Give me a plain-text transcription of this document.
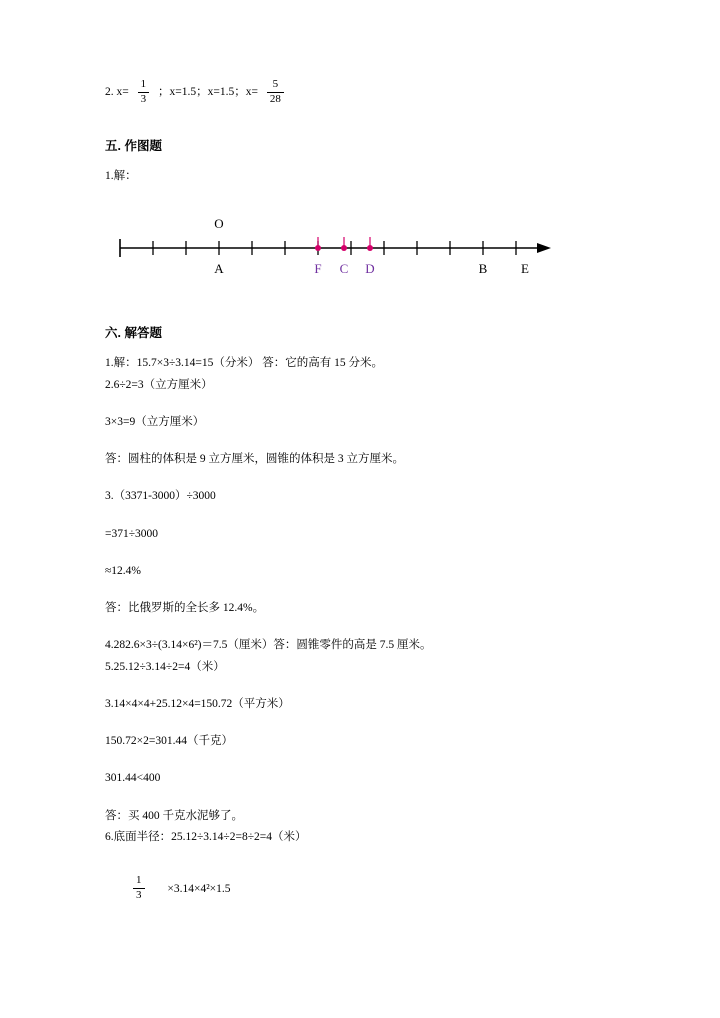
2. $x= \frac{1}{3}$ ；x=1.5；x=1.5；$x= \frac{5}{28}$
五. 作图题
1.解：
O
A	F C D	B	E
六. 解答题
1.解：15.7×3÷3.14=15（分米） 答：它的高有 15 分米。
2.6÷2=3（立方厘米）
3×3=9（立方厘米）
答：圆柱的体积是 9 立方厘米，圆锥的体积是 3 立方厘米。
3.（3371-3000）÷3000
=371÷3000
≈12.4%
答：比俄罗斯的全长多 12.4%。
4.282.6×3÷(3.14×6²)＝7.5（厘米）答：圆锥零件的高是 7.5 厘米。
5.25.12÷3.14÷2=4（米）
3.14×4×4+25.12×4=150.72（平方米）
150.72×2=301.44（千克）
301.44<400
答：买 400 千克水泥够了。
6.底面半径：25.12÷3.14÷2=8÷2=4（米）
$\frac{1}{3} \times 3.14\times 4^2\times 1.5$
